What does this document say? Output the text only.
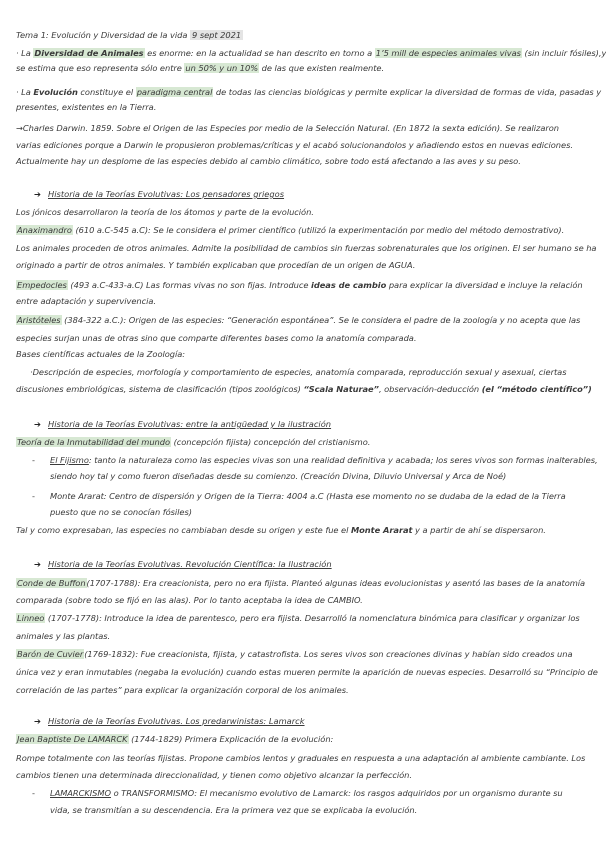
Tema 1: Evolución y Diversidad de la vida 9 sept 2021
· La Diversidad de Animales es enorme: en la actualidad se han descrito en torno a 1’5 mill de especies animales vivas (sin incluir fósiles),y
se estima que eso representa sólo entre un 50% y un 10% de las que existen realmente.
· La Evolución constituye el paradigma central de todas las ciencias biológicas y permite explicar la diversidad de formas de vida, pasadas y
presentes, existentes en la Tierra.
→Charles Darwin. 1859. Sobre el Origen de las Especies por medio de la Selección Natural. (En 1872 la sexta edición). Se realizaron
varias ediciones porque a Darwin le propusieron problemas/críticas y el acabó solucionandolos y añadiendo estos en nuevas ediciones.
Actualmente hay un desplome de las especies debido al cambio climático, sobre todo está afectando a las aves y su peso.
➔ Historia de la Teorías Evolutivas: Los pensadores griegos
Los jónicos desarrollaron la teoría de los átomos y parte de la evolución.
Anaximandro (610 a.C-545 a.C): Se le considera el primer científico (utilizó la experimentación por medio del método demostrativo).
Los animales proceden de otros animales. Admite la posibilidad de cambios sin fuerzas sobrenaturales que los originen. El ser humano se ha
originado a partir de otros animales. Y también explicaban que procedían de un origen de AGUA.
Empedocles (493 a.C-433-a.C) Las formas vivas no son fijas. Introduce ideas de cambio para explicar la diversidad e incluye la relación
entre adaptación y supervivencia.
Aristóteles (384-322 a.C.): Origen de las especies: “Generación espontánea”. Se le considera el padre de la zoología y no acepta que las
especies surjan unas de otras sino que comparte diferentes bases como la anatomía comparada.
Bases científicas actuales de la Zoología:
·Descripción de especies, morfología y comportamiento de especies, anatomía comparada, reproducción sexual y asexual, ciertas
discusiones embriológicas, sistema de clasificación (tipos zoológicos) “Scala Naturae”, observación-deducción (el “método científico”)
➔ Historia de la Teorías Evolutivas: entre la antigüedad y la ilustración
Teoría de la Inmutabilidad del mundo (concepción fijista) concepción del cristianismo.
- El Fijismo: tanto la naturaleza como las especies vivas son una realidad definitiva y acabada; los seres vivos son formas inalterables,
siendo hoy tal y como fueron diseñadas desde su comienzo. (Creación Divina, Diluvio Universal y Arca de Noé)
- Monte Ararat: Centro de dispersión y Origen de la Tierra: 4004 a.C (Hasta ese momento no se dudaba de la edad de la Tierra
puesto que no se conocían fósiles)
Tal y como expresaban, las especies no cambiaban desde su origen y este fue el Monte Ararat y a partir de ahí se dispersaron.
➔ Historia de la Teorías Evolutivas. Revolución Científica: la Ilustración
Conde de Buffon(1707-1788): Era creacionista, pero no era fijista. Planteó algunas ideas evolucionistas y asentó las bases de la anatomía
comparada (sobre todo se fijó en las alas). Por lo tanto aceptaba la idea de CAMBIO.
Linneo (1707-1778): Introduce la idea de parentesco, pero era fijista. Desarrolló la nomenclatura binómica para clasificar y organizar los
animales y las plantas.
Barón de Cuvier(1769-1832): Fue creacionista, fijista, y catastrofista. Los seres vivos son creaciones divinas y habían sido creados una
única vez y eran inmutables (negaba la evolución) cuando estas mueren permite la aparición de nuevas especies. Desarrolló su “Principio de
correlación de las partes” para explicar la organización corporal de los animales.
➔ Historia de la Teorías Evolutivas. Los predarwinistas: Lamarck
Jean Baptiste De LAMARCK (1744-1829) Primera Explicación de la evolución:
Rompe totalmente con las teorías fijistas. Propone cambios lentos y graduales en respuesta a una adaptación al ambiente cambiante. Los
cambios tienen una determinada direccionalidad, y tienen como objetivo alcanzar la perfección.
- LAMARCKISMO o TRANSFORMISMO: El mecanismo evolutivo de Lamarck: los rasgos adquiridos por un organismo durante su
vida, se transmitían a su descendencia. Era la primera vez que se explicaba la evolución.
